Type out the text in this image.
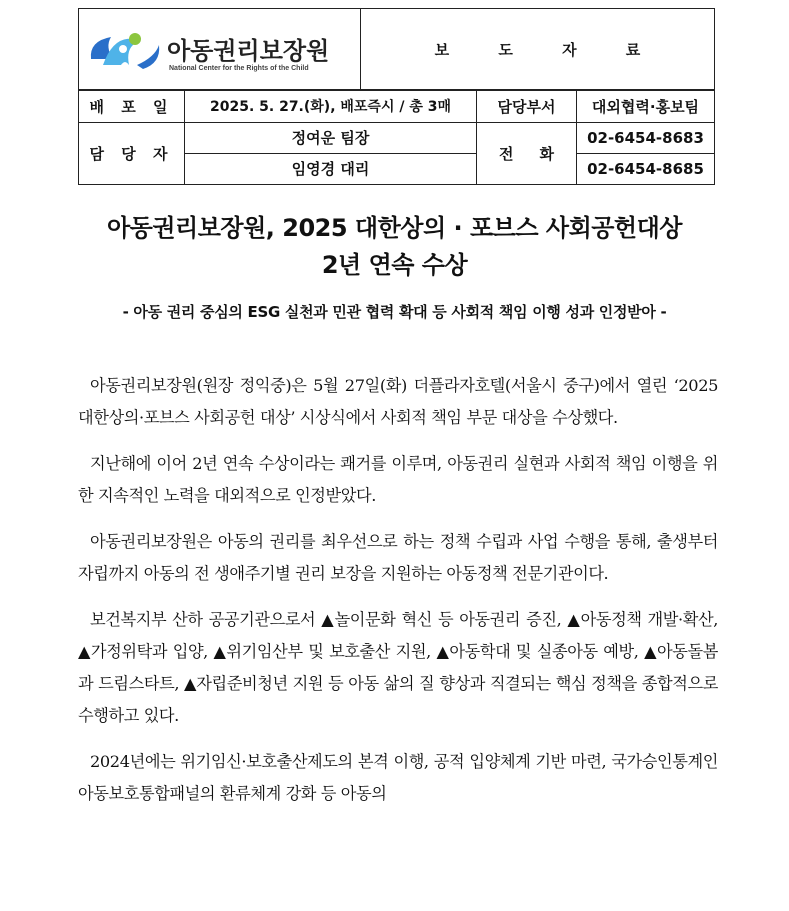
아동권리보장원
National Center for the Rights of the Child		보 도 자 료		
배 포 일	2025. 5. 27.(화), 배포즉시 / 총 3매		담당부서	대외협력·홍보팀
담 당 자	정여운 팀장		전     화	02-6454-8683
	임영경 대리			02-6454-8685
아동권리보장원, 2025 대한상의 · 포브스 사회공헌대상
2년 연속 수상
- 아동 권리 중심의 ESG 실천과 민관 협력 확대 등 사회적 책임 이행 성과 인정받아 -

아동권리보장원(원장 정익중)은 5월 27일(화) 더플라자호텔(서울시 중구)에서 열린 ‘2025 대한상의·포브스 사회공헌 대상’ 시상식에서 사회적 책임 부문 대상을 수상했다.

지난해에 이어 2년 연속 수상이라는 쾌거를 이루며, 아동권리 실현과 사회적 책임 이행을 위한 지속적인 노력을 대외적으로 인정받았다.

아동권리보장원은 아동의 권리를 최우선으로 하는 정책 수립과 사업 수행을 통해, 출생부터 자립까지 아동의 전 생애주기별 권리 보장을 지원하는 아동정책 전문기관이다.

보건복지부 산하 공공기관으로서 ▲놀이문화 혁신 등 아동권리 증진, ▲아동정책 개발·확산, ▲가정위탁과 입양, ▲위기임산부 및 보호출산 지원, ▲아동학대 및 실종아동 예방, ▲아동돌봄과 드림스타트, ▲자립준비청년 지원 등 아동 삶의 질 향상과 직결되는 핵심 정책을 종합적으로 수행하고 있다.

2024년에는 위기임신·보호출산제도의 본격 이행, 공적 입양체계 기반 마련, 국가승인통계인 아동보호통합패널의 환류체계 강화 등 아동의
